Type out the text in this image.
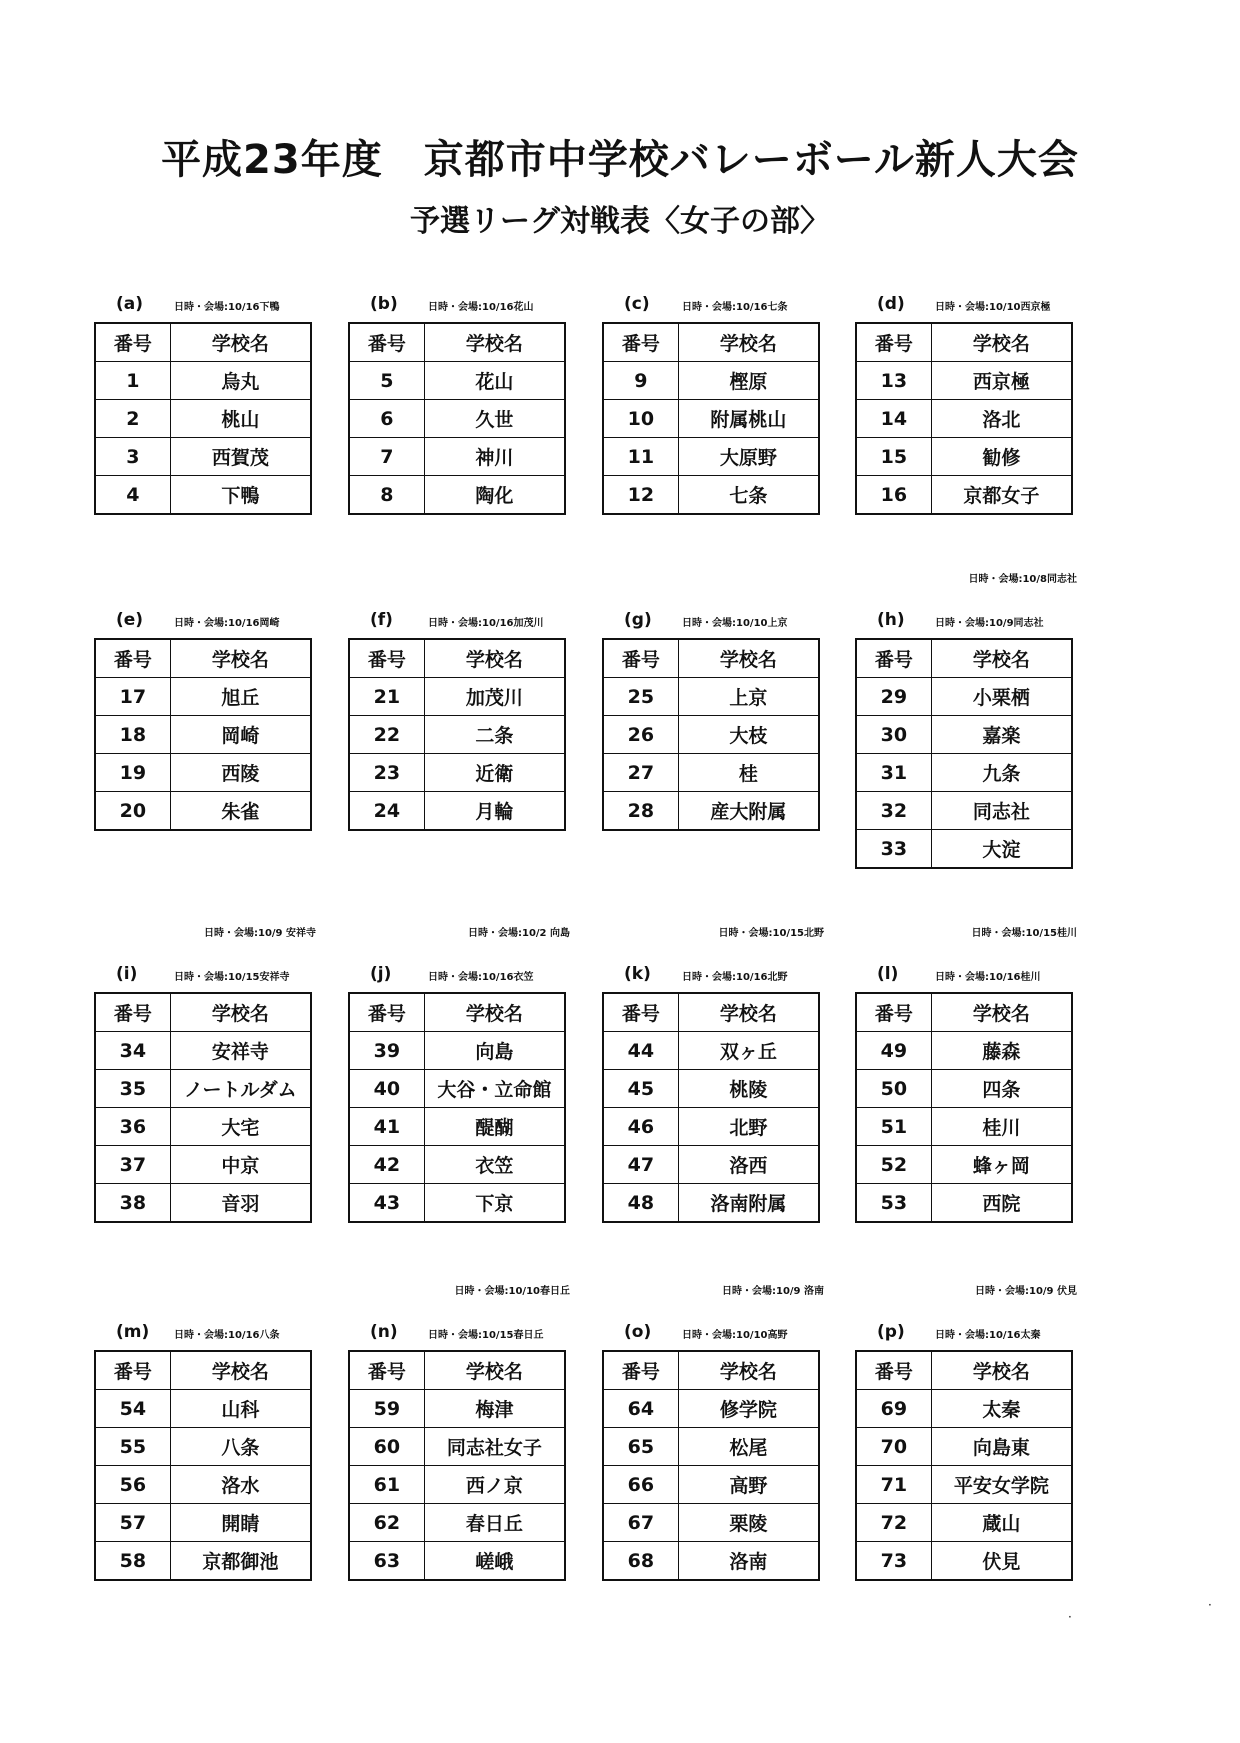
平成23年度　京都市中学校バレーボール新人大会
予選リーグ対戦表〈女子の部〉
(a)	日時・会場:10/16下鴨
番号	学校名
1	烏丸
2	桃山
3	西賀茂
4	下鴨
(b)	日時・会場:10/16花山
番号	学校名
5	花山
6	久世
7	神川
8	陶化
(c)	日時・会場:10/16七条
番号	学校名
9	樫原
10	附属桃山
11	大原野
12	七条
(d)	日時・会場:10/10西京極
番号	学校名
13	西京極
14	洛北
15	勧修
16	京都女子
(e)	日時・会場:10/16岡崎
番号	学校名
17	旭丘
18	岡崎
19	西陵
20	朱雀
(f)	日時・会場:10/16加茂川
番号	学校名
21	加茂川
22	二条
23	近衛
24	月輪
(g)	日時・会場:10/10上京
番号	学校名
25	上京
26	大枝
27	桂
28	産大附属
日時・会場:10/8同志社
(h)	日時・会場:10/9同志社
番号	学校名
29	小栗栖
30	嘉楽
31	九条
32	同志社
33	大淀
日時・会場:10/9 安祥寺
(i)	日時・会場:10/15安祥寺
番号	学校名
34	安祥寺
35	ノートルダム
36	大宅
37	中京
38	音羽
日時・会場:10/2 向島
(j)	日時・会場:10/16衣笠
番号	学校名
39	向島
40	大谷・立命館
41	醍醐
42	衣笠
43	下京
日時・会場:10/15北野
(k)	日時・会場:10/16北野
番号	学校名
44	双ヶ丘
45	桃陵
46	北野
47	洛西
48	洛南附属
日時・会場:10/15桂川
(l)	日時・会場:10/16桂川
番号	学校名
49	藤森
50	四条
51	桂川
52	蜂ヶ岡
53	西院
(m) 日時・会場:10/16八条
番号	学校名
54	山科
55	八条
56	洛水
57	開睛
58	京都御池
日時・会場:10/10春日丘
(n)	日時・会場:10/15春日丘
番号	学校名
59	梅津
60	同志社女子
61	西ノ京
62	春日丘
63	嵯峨
日時・会場:10/9 洛南
(o)	日時・会場:10/10高野
番号	学校名
64	修学院
65	松尾
66	高野
67	栗陵
68	洛南
日時・会場:10/9 伏見
(p)	日時・会場:10/16太秦
番号	学校名
69	太秦
70	向島東
71	平安女学院
72	蔵山
73	伏見
·
·
